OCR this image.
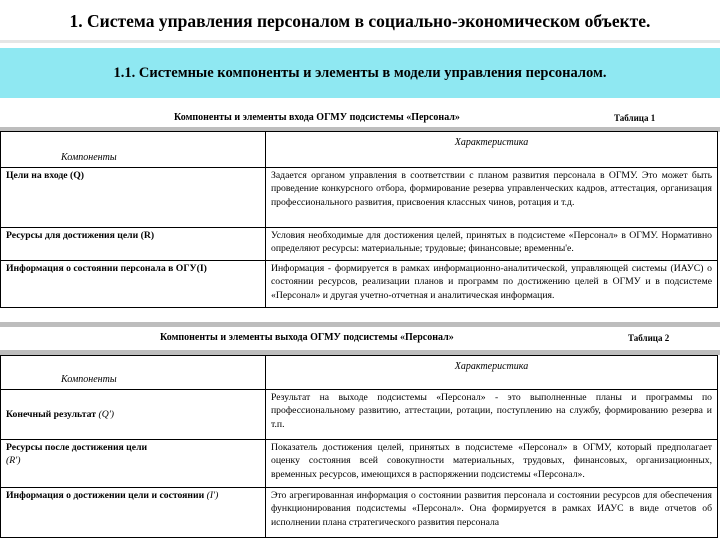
1. Система управления персоналом в социально-экономическом объекте.
1.1. Системные компоненты и элементы в модели управления персоналом.
Компоненты и элементы входа ОГМУ подсистемы «Персонал»	Таблица 1
Компоненты	Характеристика
Цели на входе (Q)	Задается органом управления в соответствии с планом развития персонала в ОГМУ. Это может быть проведение конкурсного отбора, формирование резерва управленческих кадров, аттестация, организация профессионального развития, присвоения классных чинов, ротация и т.д.
Ресурсы для достижения цели (R)	Условия необходимые для достижения целей, принятых в подсистеме «Персонал» в ОГМУ. Нормативно определяют ресурсы: материальные; трудовые; финансовые; временны'е.
Информация о состоянии персонала в ОГУ(I)	Информация - формируется в рамках информационно-аналитической, управляющей системы (ИАУС) о состоянии ресурсов, реализации планов и программ по достижению целей в ОГМУ и в подсистеме «Персонал» и другая учетно-отчетная и аналитическая информация.
Компоненты и элементы выхода ОГМУ подсистемы «Персонал»	Таблица 2
Компоненты	Характеристика
Конечный результат (Q')	Результат на выходе подсистемы «Персонал» - это выполненные планы и программы по профессиональному развитию, аттестации, ротации, поступлению на службу, формированию резерва и т.п.
Ресурсы после достижения цели
(R')	Показатель достижения целей, принятых в подсистеме «Персонал» в ОГМУ, который предполагает оценку состояния всей совокупности материальных, трудовых, финансовых, организационных, временных ресурсов, имеющихся в распоряжении подсистемы «Персонал».
Информация о достижении цели и состоянии (I')	Это агрегированная информация о состоянии развития персонала и состоянии ресурсов для обеспечения функционирования подсистемы «Персонал». Она формируется в рамках ИАУС в виде отчетов об исполнении плана стратегического развития персонала
